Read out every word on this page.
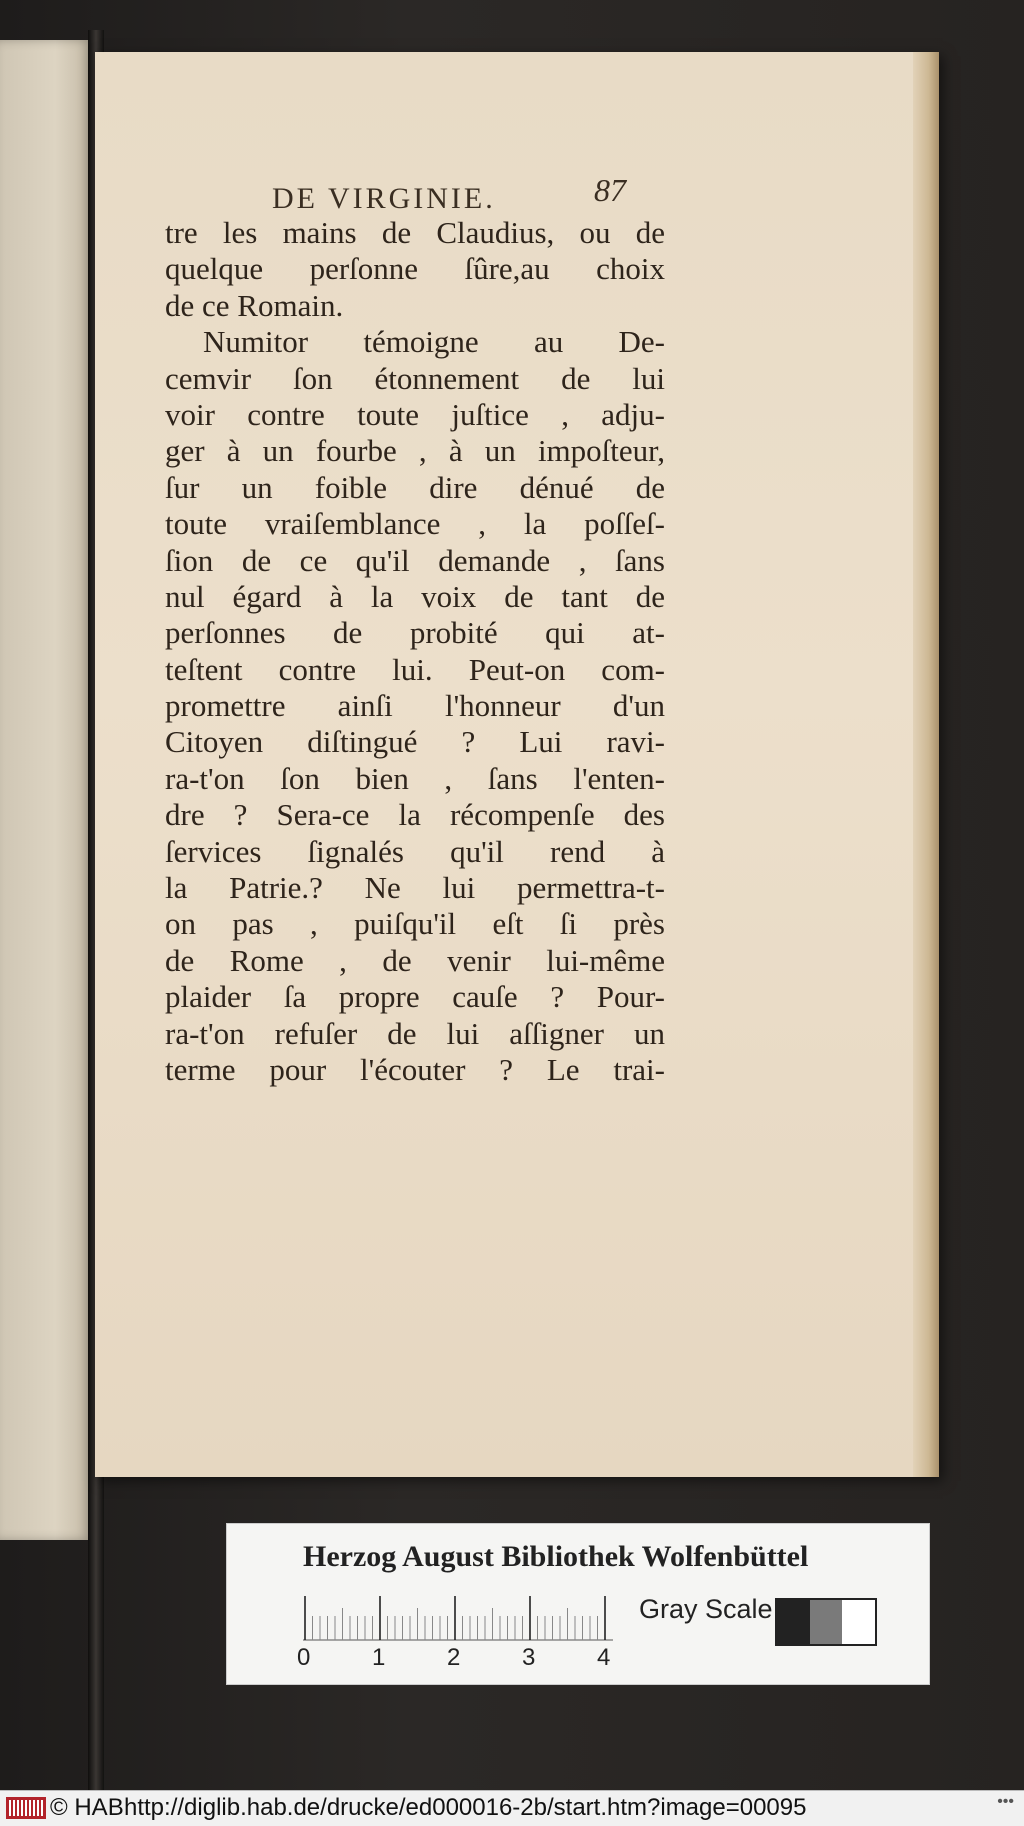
DE VIRGINIE.	87
tre les mains de Claudius, ou de
quelque perſonne ſûre,au choix
de ce Romain.
Numitor témoigne au De-
cemvir ſon étonnement de lui
voir contre toute juſtice , adju-
ger à un fourbe , à un impoſteur,
ſur un foible dire dénué de
toute vraiſemblance , la poſſeſ-
ſion de ce qu'il demande , ſans
nul égard à la voix de tant de
perſonnes de probité qui at-
teſtent contre lui. Peut-on com-
promettre ainſi l'honneur d'un
Citoyen diſtingué ? Lui ravi-
ra-t'on ſon bien , ſans l'enten-
dre ? Sera-ce la récompenſe des
ſervices ſignalés qu'il rend à
la Patrie.? Ne lui permettra-t-
on pas , puiſqu'il eſt ſi près
de Rome , de venir lui-même
plaider ſa propre cauſe ? Pour-
ra-t'on refuſer de lui aſſigner un
terme pour l'écouter ? Le trai-
Herzog August Bibliothek Wolfenbüttel
0	1	2	3	4
Gray Scale
© HAB http://diglib.hab.de/drucke/ed000016-2b/start.htm?image=00095	•••
